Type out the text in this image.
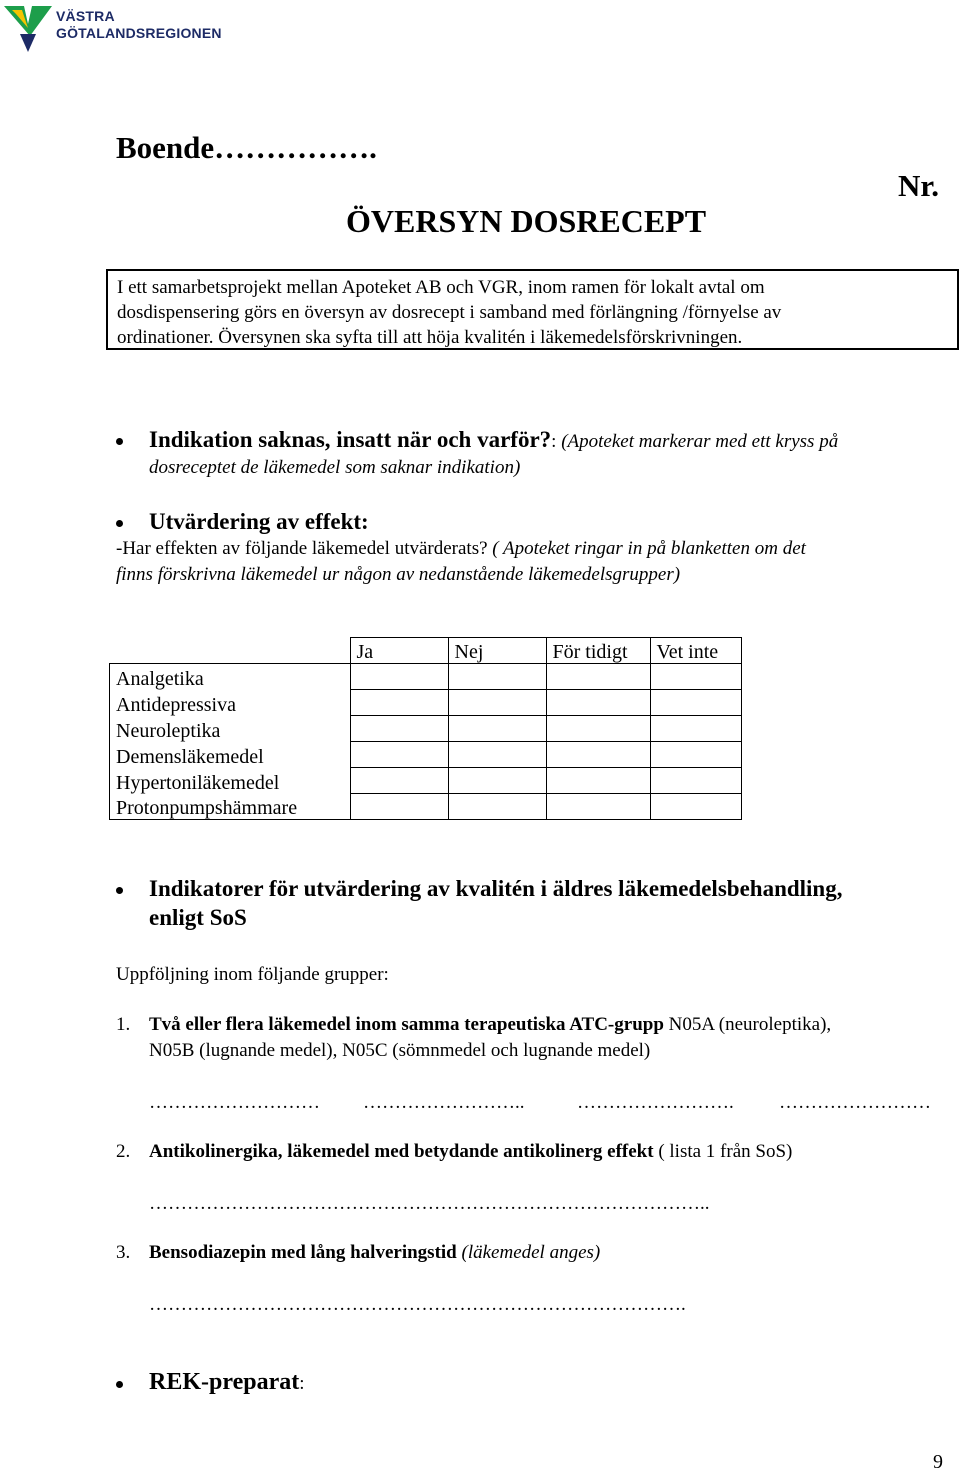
VÄSTRA
GÖTALANDSREGIONEN
Boende…………….
Nr.
ÖVERSYN DOSRECEPT
I ett samarbetsprojekt mellan Apoteket AB och VGR, inom ramen för lokalt avtal om
dosdispensering görs en översyn av dosrecept i samband med förlängning /förnyelse av
ordinationer. Översynen ska syfta till att höja kvalitén i läkemedelsförskrivningen.
Indikation saknas, insatt när och varför?: (Apoteket markerar med ett kryss på
dosreceptet de läkemedel som saknar indikation)
Utvärdering av effekt:
-Har effekten av följande läkemedel utvärderats? ( Apoteket ringar in på blanketten om det
finns förskrivna läkemedel ur någon av nedanstående läkemedelsgrupper)
	Ja	Nej	För tidigt	Vet inte
Analgetika				
Antidepressiva				
Neuroleptika				
Demensläkemedel				
Hypertoniläkemedel				
Protonpumpshämmare				
Indikatorer för utvärdering av kvalitén i äldres läkemedelsbehandling,
enligt SoS
Uppföljning inom följande grupper:
1. Två eller flera läkemedel inom samma terapeutiska ATC-grupp N05A (neuroleptika),
N05B (lugnande medel), N05C (sömnmedel och lugnande medel)
……………………… ……………………..	……………………. ……………………
2. Antikolinergika, läkemedel med betydande antikolinerg effekt ( lista 1 från SoS)
……………………………………………………………………………..
3. Bensodiazepin med lång halveringstid (läkemedel anges)
………………………………………………………………………….
REK-preparat:
9
